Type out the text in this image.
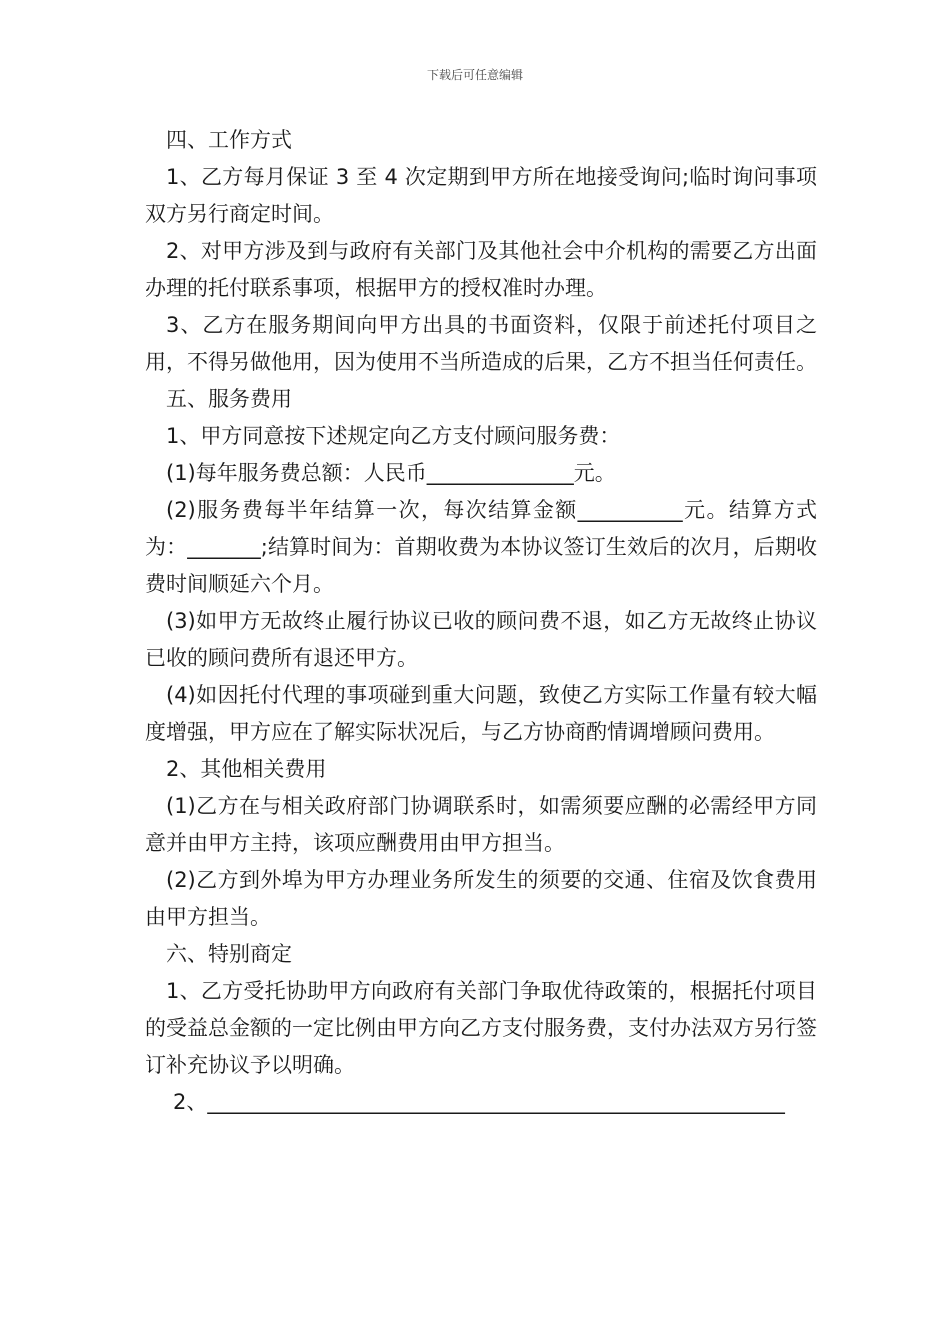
下载后可任意编辑

四、工作方式

1、乙方每月保证 3 至 4 次定期到甲方所在地接受询问;临时询问事项双方另行商定时间。

2、对甲方涉及到与政府有关部门及其他社会中介机构的需要乙方出面办理的托付联系事项，根据甲方的授权准时办理。

3、乙方在服务期间向甲方出具的书面资料，仅限于前述托付项目之用，不得另做他用，因为使用不当所造成的后果，乙方不担当任何责任。

五、服务费用

1、甲方同意按下述规定向乙方支付顾问服务费：

(1)每年服务费总额：人民币______________元。

(2)服务费每半年结算一次，每次结算金额__________元。结算方式为：_______;结算时间为：首期收费为本协议签订生效后的次月，后期收费时间顺延六个月。

(3)如甲方无故终止履行协议已收的顾问费不退，如乙方无故终止协议已收的顾问费所有退还甲方。

(4)如因托付代理的事项碰到重大问题，致使乙方实际工作量有较大幅度增强，甲方应在了解实际状况后，与乙方协商酌情调增顾问费用。

2、其他相关费用

(1)乙方在与相关政府部门协调联系时，如需须要应酬的必需经甲方同意并由甲方主持，该项应酬费用由甲方担当。

(2)乙方到外埠为甲方办理业务所发生的须要的交通、住宿及饮食费用由甲方担当。

六、特别商定

1、乙方受托协助甲方向政府有关部门争取优待政策的，根据托付项目的受益总金额的一定比例由甲方向乙方支付服务费，支付办法双方另行签订补充协议予以明确。

2、_______________________________________________________
